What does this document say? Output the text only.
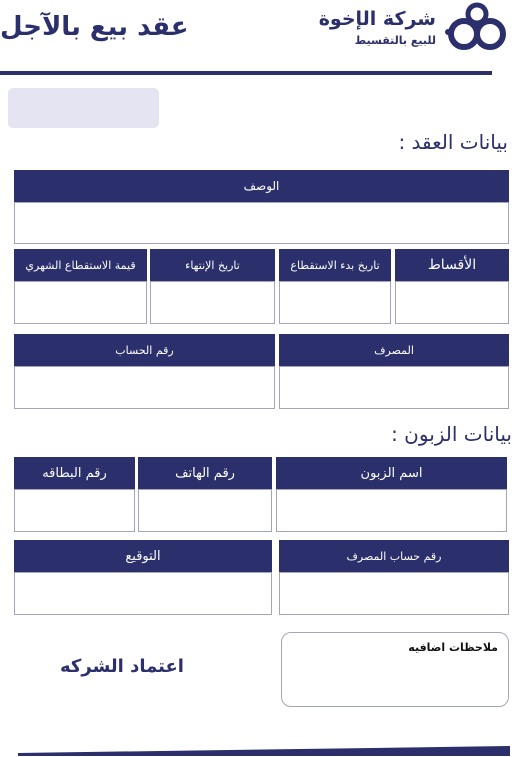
شركة الإخوة
للبيع بالتقسيط
عقد بيع بالآجل
بيانات العقد :
الوصف
الأقساط
تاريخ بدء الاستقطاع
تاريخ الإنتهاء
قيمة الاستقطاع الشهري
المصرف
رقم الحساب
بيانات الزبون :
اسم الزبون
رقم الهاتف
رقم البطاقه
رقم حساب المصرف
التوقيع
ملاحظات اضافيه
اعتماد الشركه
